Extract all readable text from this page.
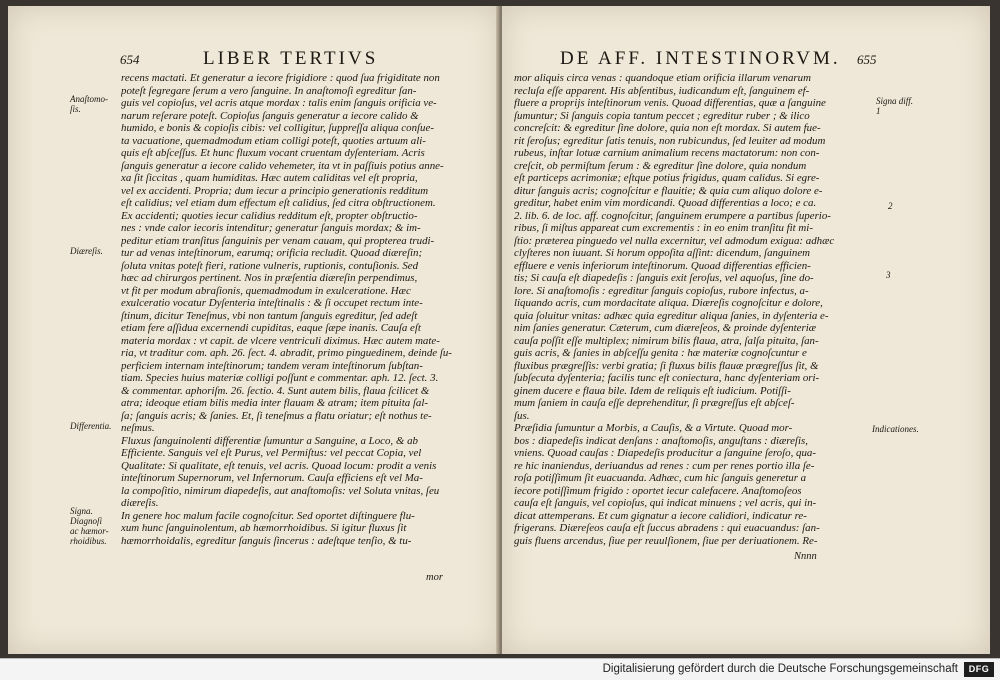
654	LIBER TERTIVS
recens mactati. Et generatur a iecore frigidiore : quod ſua frigiditate non
poteſt ſegregare ſerum a vero ſanguine. In anaſtomoſi egreditur ſan-
guis vel copioſus, vel acris atque mordax : talis enim ſanguis orificia ve-
narum reſerare poteſt. Copioſus ſanguis generatur a iecore calido &
humido, e bonis & copioſis cibis: vel colligitur, ſuppreſſa aliqua conſue-
ta vacuatione, quemadmodum etiam colligi poteſt, quoties artuum ali-
quis eſt abſceſſus. Et hunc fluxum vocant cruentam dyſenteriam. Acris
ſanguis generatur a iecore calido vehemeter, ita vt in paſſiuis potius anne-
xa ſit ſiccitas , quam humiditas. Hæc autem caliditas vel eſt propria,
vel ex accidenti. Propria; dum iecur a principio generationis redditum
eſt calidius; vel etiam dum effectum eſt calidius, ſed citra obſtructionem.
Ex accidenti; quoties iecur calidius redditum eſt, propter obſtructio-
nes : vnde calor iecoris intenditur; generatur ſanguis mordax; & im-
peditur etiam tranſitus ſanguinis per venam cauam, qui propterea trudi-
tur ad venas inteſtinorum, earumq; orificia recludit. Quoad diæreſin;
ſoluta vnitas poteſt fieri, ratione vulneris, ruptionis, contuſionis. Sed
hæc ad chirurgos pertinent. Nos in præſentia diæreſin perpendimus,
vt fit per modum abraſionis, quemadmodum in exulceratione. Hæc
exulceratio vocatur Dyſenteria inteſtinalis : & ſi occupet rectum inte-
ſtinum, dicitur Teneſmus, vbi non tantum ſanguis egreditur, ſed adeſt
etiam fere aſſidua excernendi cupiditas, eaque ſæpe inanis. Cauſa eſt
materia mordax : vt capit. de vlcere ventriculi diximus. Hæc autem mate-
ria, vt traditur com. aph. 26. ſect. 4. abradit, primo pinguedinem, deinde ſu-
perficiem internam inteſtinorum; tandem veram inteſtinorum ſubſtan-
tiam. Species huius materiæ colligi poſſunt e commentar. aph. 12. ſect. 3.
& commentar. aphoriſm. 26. ſectio. 4. Sunt autem bilis, flaua ſcilicet &
atra; ideoque etiam bilis media inter flauam & atram; item pituita ſal-
ſa; ſanguis acris; & ſanies. Et, ſi teneſmus a flatu oriatur; eſt nothus te-
neſmus.
Fluxus ſanguinolenti differentiæ ſumuntur a Sanguine, a Loco, & ab
Efficiente. Sanguis vel eſt Purus, vel Permiſtus: vel peccat Copia, vel
Qualitate: Si qualitate, eſt tenuis, vel acris. Quoad locum: prodit a venis
inteſtinorum Supernorum, vel Infernorum. Cauſa efficiens eſt vel Ma-
la compoſitio, nimirum diapedeſis, aut anaſtomoſis: vel Soluta vnitas, ſeu
diæreſis.
In genere hoc malum facile cognoſcitur. Sed oportet diſtinguere flu-
xum hunc ſanguinolentum, ab hæmorrhoidibus. Si igitur fluxus ſit
hæmorrhoidalis, egreditur ſanguis ſincerus : adeſtque tenſio, & tu-
mor
Anaſtomo-
ſis.
Diæreſis.
Differentia.
Signa.
Diagnoſi
ac hæmor-
rhoidibus.
DE AFF. INTESTINORVM. 655
mor aliquis circa venas : quandoque etiam orificia illarum venarum
recluſa eſſe apparent. His abſentibus, iudicandum eſt, ſanguinem ef-
fluere a proprijs inteſtinorum venis. Quoad differentias, quæ a ſanguine
ſumuntur; Si ſanguis copia tantum peccet ; egreditur ruber ; & ilico
concreſcit: & egreditur ſine dolore, quia non eſt mordax. Si autem fue-
rit ſeroſus; egreditur ſatis tenuis, non rubicundus, ſed leuiter ad modum
rubeus, inſtar lotuæ carnium animalium recens mactatorum: non con-
creſcit, ob permiſtum ſerum : & egreditur ſine dolore, quia nondum
eſt particeps acrimoniæ; eſtque potius frigidus, quam calidus. Si egre-
ditur ſanguis acris; cognoſcitur e flauitie; & quia cum aliquo dolore e-
greditur, habet enim vim mordicandi. Quoad differentias a loco; e ca.
2. lib. 6. de loc. aff. cognoſcitur, ſanguinem erumpere a partibus ſuperio-
ribus, ſi miſtus appareat cum excrementis : in eo enim tranſitu fit mi-
ſtio: præterea pinguedo vel nulla excernitur, vel admodum exigua: adhæc
clyſteres non iuuant. Si horum oppoſita aſſint: dicendum, ſanguinem
effluere e venis inferiorum inteſtinorum. Quoad differentias efficien-
tis; Si cauſa eſt diapedeſis : ſanguis exit ſeroſus, vel aquoſus, ſine do-
lore. Si anaſtomoſis : egreditur ſanguis copioſus, rubore infectus, a-
liquando acris, cum mordacitate aliqua. Diæreſis cognoſcitur e dolore,
quia ſoluitur vnitas: adhæc quia egreditur aliqua ſanies, in dyſenteria e-
nim ſanies generatur. Cæterum, cum diæreſeos, & proinde dyſenteriæ
cauſa poſſit eſſe multiplex; nimirum bilis flaua, atra, ſalſa pituita, ſan-
guis acris, & ſanies in abſceſſu genita : hæ materiæ cognoſcuntur e
fluxibus prægreſſis: verbi gratia; ſi fluxus bilis flauæ prægreſſus ſit, &
ſubſecuta dyſenteria; facilis tunc eſt coniectura, hanc dyſenteriam ori-
ginem ducere e flaua bile. Idem de reliquis eſt iudicium. Potiſſi-
mum ſaniem in cauſa eſſe deprehenditur, ſi prægreſſus eſt abſceſ-
ſus.
Præſidia ſumuntur a Morbis, a Cauſis, & a Virtute. Quoad mor-
bos : diapedeſis indicat denſans : anaſtomoſis, anguſtans : diæreſis,
vniens. Quoad cauſas : Diapedeſis producitur a ſanguine ſeroſo, qua-
re hic inaniendus, deriuandus ad renes : cum per renes portio illa ſe-
roſa potiſſimum ſit euacuanda. Adhæc, cum hic ſanguis generetur a
iecore potiſſimum frigido : oportet iecur calefacere. Anaſtomoſeos
cauſa eſt ſanguis, vel copioſus, qui indicat minuens ; vel acris, qui in-
dicat attemperans. Et cum gignatur a iecore calidiori, indicatur re-
frigerans. Diæreſeos cauſa eſt ſuccus abradens : qui euacuandus: ſan-
guis fluens arcendus, ſiue per reuulſionem, ſiue per deriuationem. Re-
Nnnn
Signa diff.
1
2
3
Indicationes.
Digitalisierung gefördert durch die Deutsche Forschungsgemeinschaft	DFG
